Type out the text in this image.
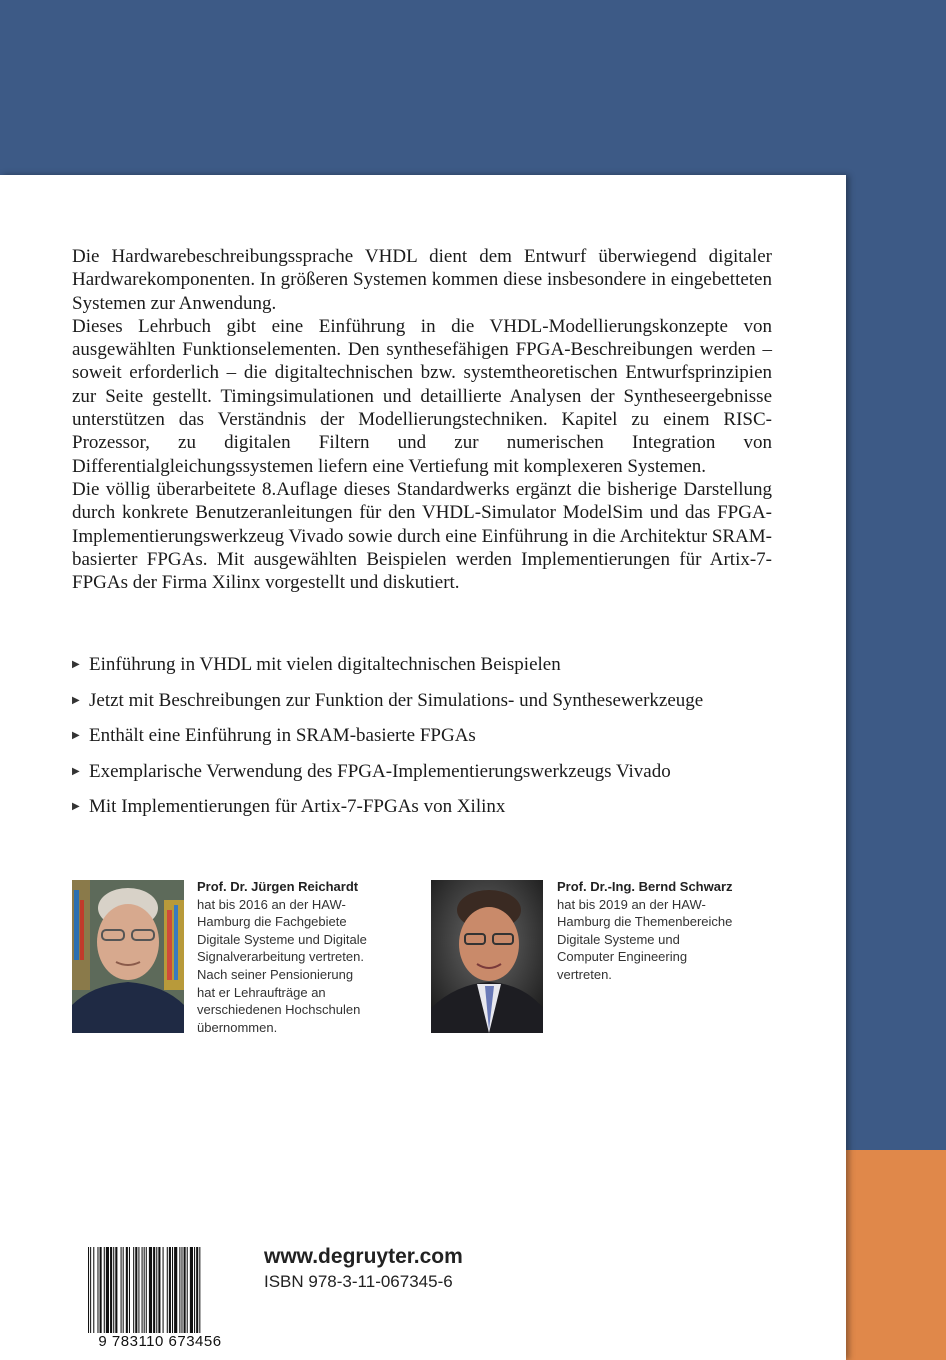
Die Hardwarebeschreibungssprache VHDL dient dem Entwurf überwiegend digitaler Hardwarekomponenten. In größeren Systemen kommen diese insbesondere in eingebetteten Systemen zur Anwendung.

Dieses Lehrbuch gibt eine Einführung in die VHDL-Modellierungskonzepte von ausgewählten Funktionselementen. Den synthesefähigen FPGA-Beschreibungen werden – soweit erforderlich – die digitaltechnischen bzw. systemtheoretischen Entwurfsprinzipien zur Seite gestellt. Timingsimulationen und detaillierte Analysen der Syntheseergebnisse unterstützen das Verständnis der Modellierungstechniken. Kapitel zu einem RISC-Prozessor, zu digitalen Filtern und zur numerischen Integration von Differentialgleichungssystemen liefern eine Vertiefung mit komplexeren Systemen.

Die völlig überarbeitete 8.Auflage dieses Standardwerks ergänzt die bisherige Darstellung durch konkrete Benutzeranleitungen für den VHDL-Simulator ModelSim und das FPGA-Implementierungswerkzeug Vivado sowie durch eine Einführung in die Architektur SRAM-basierter FPGAs. Mit ausgewählten Beispielen werden Implementierungen für Artix-7-FPGAs der Firma Xilinx vorgestellt und diskutiert.

▶ Einführung in VHDL mit vielen digitaltechnischen Beispielen
▶ Jetzt mit Beschreibungen zur Funktion der Simulations- und Synthesewerkzeuge
▶ Enthält eine Einführung in SRAM-basierte FPGAs
▶ Exemplarische Verwendung des FPGA-Implementierungswerkzeugs Vivado
▶ Mit Implementierungen für Artix-7-FPGAs von Xilinx
Prof. Dr. Jürgen Reichardt
hat bis 2016 an der HAW-
Hamburg die Fachgebiete
Digitale Systeme und Digitale
Signalverarbeitung vertreten.
Nach seiner Pensionierung
hat er Lehraufträge an
verschiedenen Hochschulen
übernommen.
Prof. Dr.-Ing. Bernd Schwarz
hat bis 2019 an der HAW-
Hamburg die Themenbereiche
Digitale Systeme und
Computer Engineering
vertreten.
9 783110 673456
www.degruyter.com
ISBN 978-3-11-067345-6
